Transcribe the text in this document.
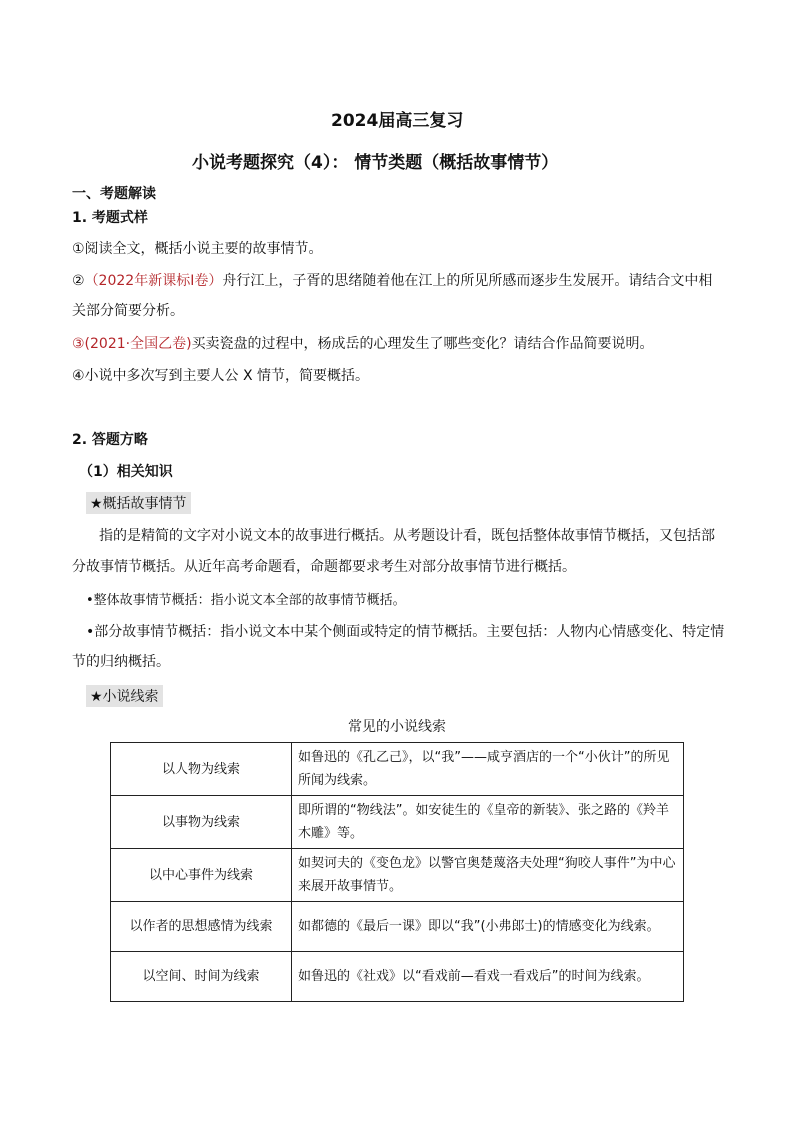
2024届高三复习
小说考题探究（4）： 情节类题（概括故事情节）
一、考题解读
1. 考题式样
①阅读全文，概括小说主要的故事情节。
②（2022年新课标Ⅰ卷）舟行江上，子胥的思绪随着他在江上的所见所感而逐步生发展开。请结合文中相
关部分简要分析。
③(2021·全国乙卷)买卖瓷盘的过程中，杨成岳的心理发生了哪些变化？请结合作品简要说明。
④小说中多次写到主要人公 X 情节，简要概括。
2. 答题方略
（1）相关知识
★概括故事情节
指的是精简的文字对小说文本的故事进行概括。从考题设计看，既包括整体故事情节概括，又包括部
分故事情节概括。从近年高考命题看，命题都要求考生对部分故事情节进行概括。
•整体故事情节概括：指小说文本全部的故事情节概括。
•部分故事情节概括：指小说文本中某个侧面或特定的情节概括。主要包括：人物内心情感变化、特定情
节的归纳概括。
★小说线索
常见的小说线索
以人物为线索	如鲁迅的《孔乙己》，以“我”——咸亨酒店的一个“小伙计”的所见所闻为线索。
以事物为线索	即所谓的“物线法”。如安徒生的《皇帝的新装》、张之路的《羚羊木雕》等。
以中心事件为线索	如契诃夫的《变色龙》以警官奥楚蔑洛夫处理“狗咬人事件”为中心来展开故事情节。
以作者的思想感情为线索	如都德的《最后一课》即以“我”(小弗郎士)的情感变化为线索。
以空间、时间为线索	如鲁迅的《社戏》以“看戏前—看戏一看戏后”的时间为线索。
